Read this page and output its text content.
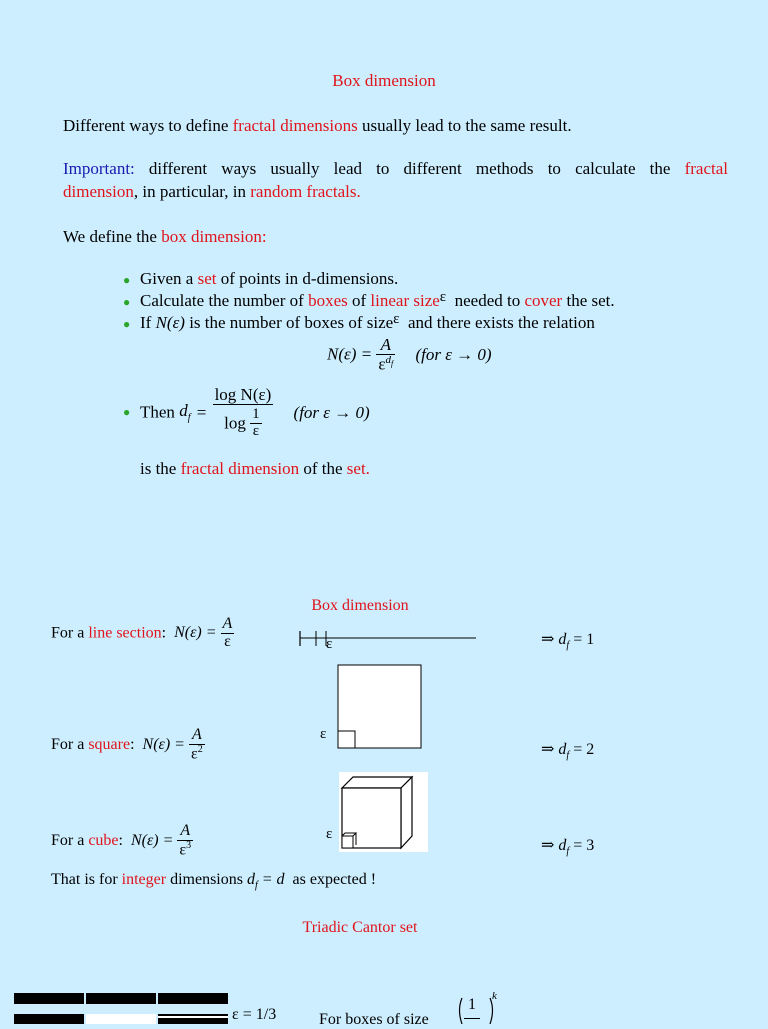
Box dimension
Different ways to define fractal dimensions usually lead to the same result.
Important: different ways usually lead to different methods to calculate the fractal
dimension, in particular, in random fractals.
We define the box dimension:
● Given a set of points in d-dimensions.
● Calculate the number of boxes of linear sizeε  needed to cover the set.
● If N(ε) is the number of boxes of sizeε  and there exists the relation
$N(\varepsilon) = \frac{A}{\varepsilon^{d_f}} (for$ ε → 0)
● Then $d_f = \frac{\text{log N(ε)}}{\log \frac{1}{\varepsilon}} (for$ ε → 0)
is the fractal dimension of the set.
Box dimension
For a line section: $N(\varepsilon) = \frac{A}{\varepsilon}$	ε	⇒ $d_f = 1$
ε
For a square: $N(\varepsilon) = \frac{A}{\varepsilon^2}$	⇒ $d_f = 2$
ε
For a cube: $N(\varepsilon) = \frac{A}{\varepsilon^3}$	⇒ $d_f = 3$
That is for integer dimensions $d_f = d$  as expected !
Triadic Cantor set
ε = 1/3	For boxes of size
1 k
